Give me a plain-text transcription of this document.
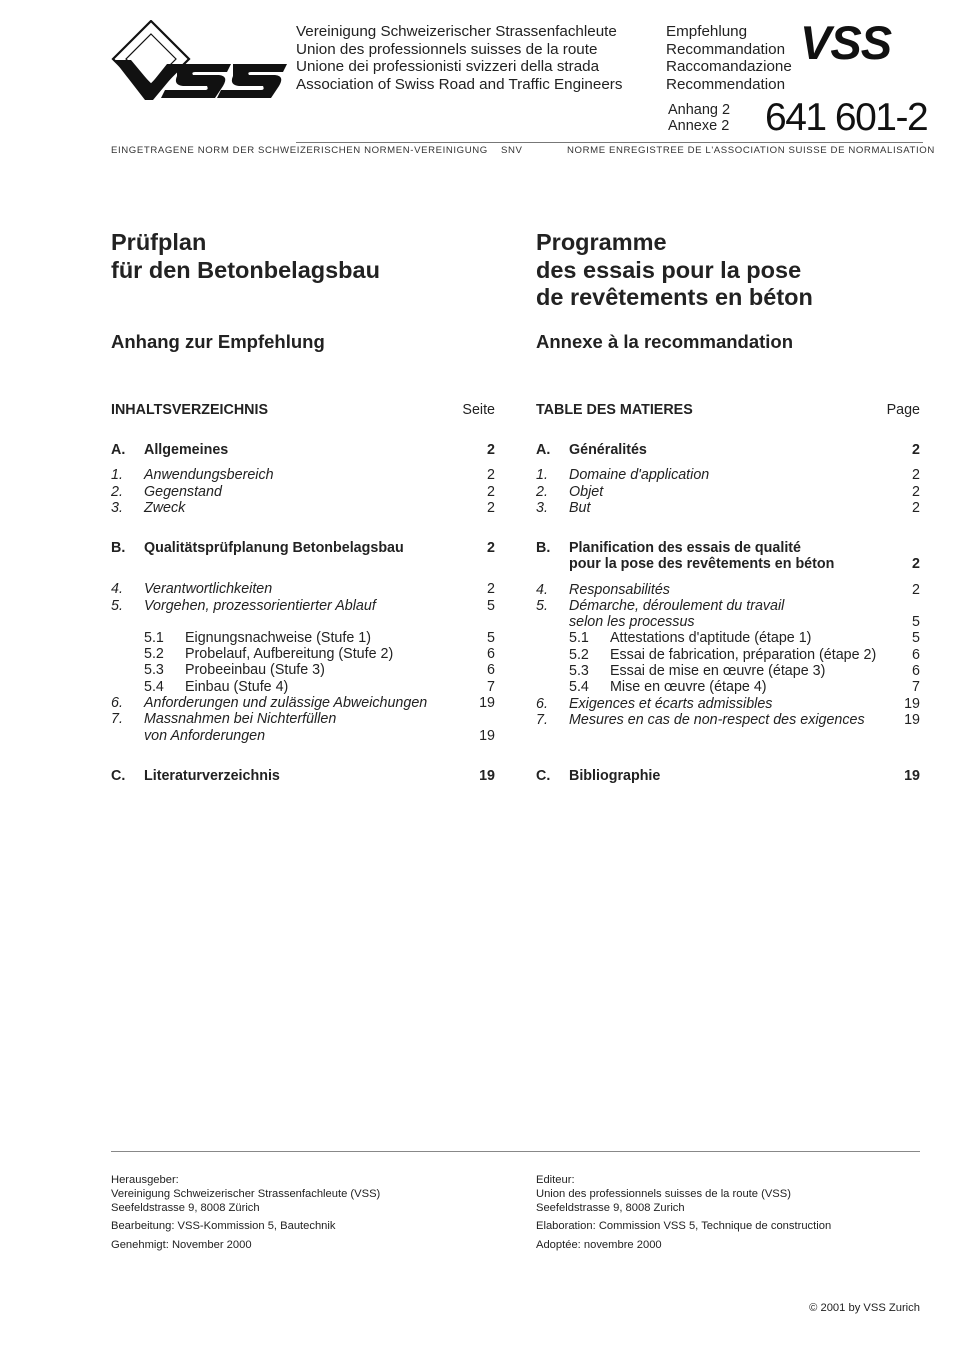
Vereinigung Schweizerischer Strassenfachleute
Union des professionnels suisses de la route
Unione dei professionisti svizzeri della strada
Association of Swiss Road and Traffic Engineers
Empfehlung
Recommandation
Raccomandazione
Recommendation
VSS
Anhang 2
Annexe 2 641 601-2
EINGETRAGENE NORM DER SCHWEIZERISCHEN NORMEN-VEREINIGUNG SNV	NORME ENREGISTREE DE L'ASSOCIATION SUISSE DE NORMALISATION
Prüfplan
für den Betonbelagsbau
Programme
des essais pour la pose
de revêtements en béton
Anhang zur Empfehlung	Annexe à la recommandation
INHALTSVERZEICHNIS	Seite
A. Allgemeines	2
1. Anwendungsbereich	2
2. Gegenstand	2
3. Zweck	2
B. Qualitätsprüfplanung Betonbelagsbau	2
4. Verantwortlichkeiten	2
5. Vorgehen, prozessorientierter Ablauf	5
5.1 Eignungsnachweise (Stufe 1)	5
5.2 Probelauf, Aufbereitung (Stufe 2)	6
5.3 Probeeinbau (Stufe 3)	6
5.4 Einbau (Stufe 4)	7
6. Anforderungen und zulässige Abweichungen	19
7. Massnahmen bei Nichterfüllen
von Anforderungen	19
C. Literaturverzeichnis	19
TABLE DES MATIERES	Page
A. Généralités	2
1. Domaine d'application	2
2. Objet	2
3. But	2
B. Planification des essais de qualité
pour la pose des revêtements en béton	2
4. Responsabilités	2
5. Démarche, déroulement du travail
selon les processus	5
5.1 Attestations d'aptitude (étape 1)	5
5.2 Essai de fabrication, préparation (étape 2)	6
5.3 Essai de mise en œuvre (étape 3)	6
5.4 Mise en œuvre (étape 4)	7
6. Exigences et écarts admissibles	19
7. Mesures en cas de non-respect des exigences	19
C. Bibliographie	19

Herausgeber:

Vereinigung Schweizerischer Strassenfachleute (VSS)

Seefeldstrasse 9, 8008 Zürich

Bearbeitung: VSS-Kommission 5, Bautechnik

Genehmigt: November 2000

Editeur:

Union des professionnels suisses de la route (VSS)

Seefeldstrasse 9, 8008 Zurich

Elaboration: Commission VSS 5, Technique de construction

Adoptée: novembre 2000

© 2001 by VSS Zurich
